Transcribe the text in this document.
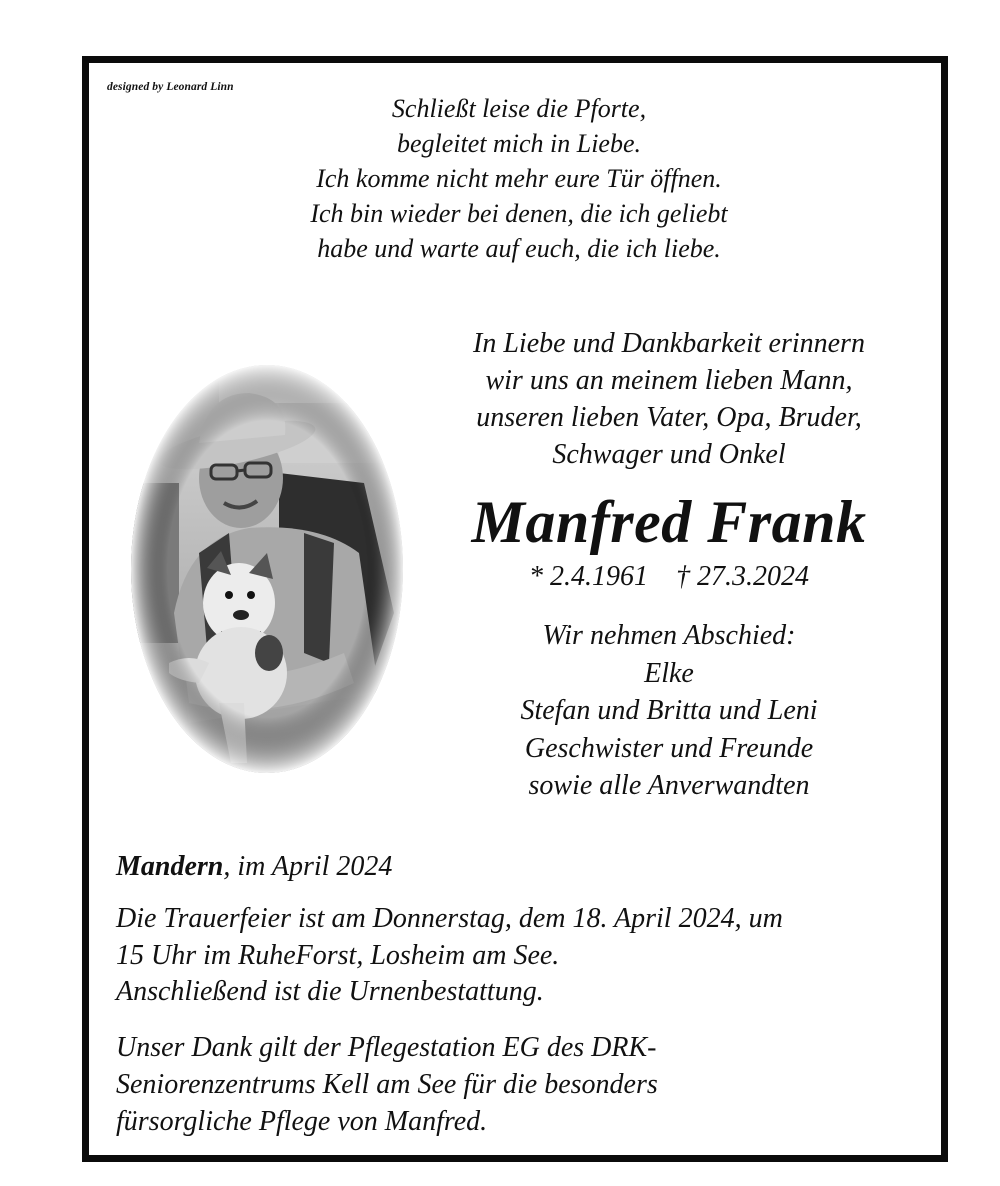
designed by Leonard Linn
Schließt leise die Pforte,
begleitet mich in Liebe.
Ich komme nicht mehr eure Tür öffnen.
Ich bin wieder bei denen, die ich geliebt
habe und warte auf euch, die ich liebe.
In Liebe und Dankbarkeit erinnern
wir uns an meinem lieben Mann,
unseren lieben Vater, Opa, Bruder,
Schwager und Onkel
Manfred Frank
* 2.4.1961 † 27.3.2024
Wir nehmen Abschied:
Elke
Stefan und Britta und Leni
Geschwister und Freunde
sowie alle Anverwandten
Mandern, im April 2024
Die Trauerfeier ist am Donnerstag, dem 18. April 2024, um
15 Uhr im RuheForst, Losheim am See.
Anschließend ist die Urnenbestattung.
Unser Dank gilt der Pflegestation EG des DRK-
Seniorenzentrums Kell am See für die besonders
fürsorgliche Pflege von Manfred.
